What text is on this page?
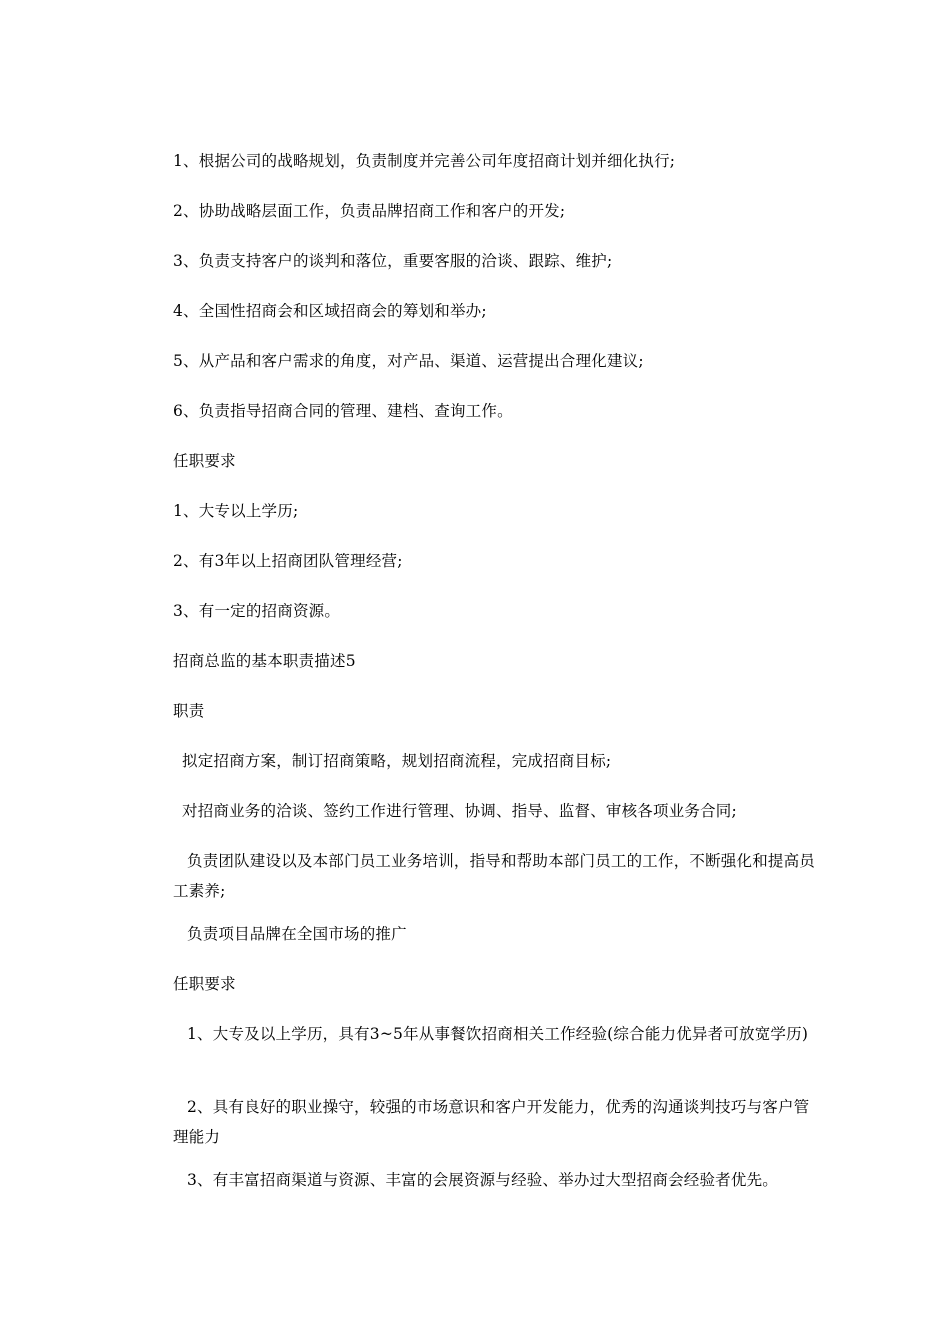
1、根据公司的战略规划，负责制度并完善公司年度招商计划并细化执行;

2、协助战略层面工作，负责品牌招商工作和客户的开发;

3、负责支持客户的谈判和落位，重要客服的洽谈、跟踪、维护;

4、全国性招商会和区域招商会的筹划和举办;

5、从产品和客户需求的角度，对产品、渠道、运营提出合理化建议;

6、负责指导招商合同的管理、建档、查询工作。

任职要求

1、大专以上学历;

2、有3年以上招商团队管理经营;

3、有一定的招商资源。

招商总监的基本职责描述5

职责

拟定招商方案，制订招商策略，规划招商流程，完成招商目标;

对招商业务的洽谈、签约工作进行管理、协调、指导、监督、审核各项业务合同;

负责团队建设以及本部门员工业务培训，指导和帮助本部门员工的工作，不断强化和提高员工素养;

负责项目品牌在全国市场的推广

任职要求

1、大专及以上学历，具有3~5年从事餐饮招商相关工作经验(综合能力优异者可放宽学历)

2、具有良好的职业操守，较强的市场意识和客户开发能力，优秀的沟通谈判技巧与客户管理能力

3、有丰富招商渠道与资源、丰富的会展资源与经验、举办过大型招商会经验者优先。
